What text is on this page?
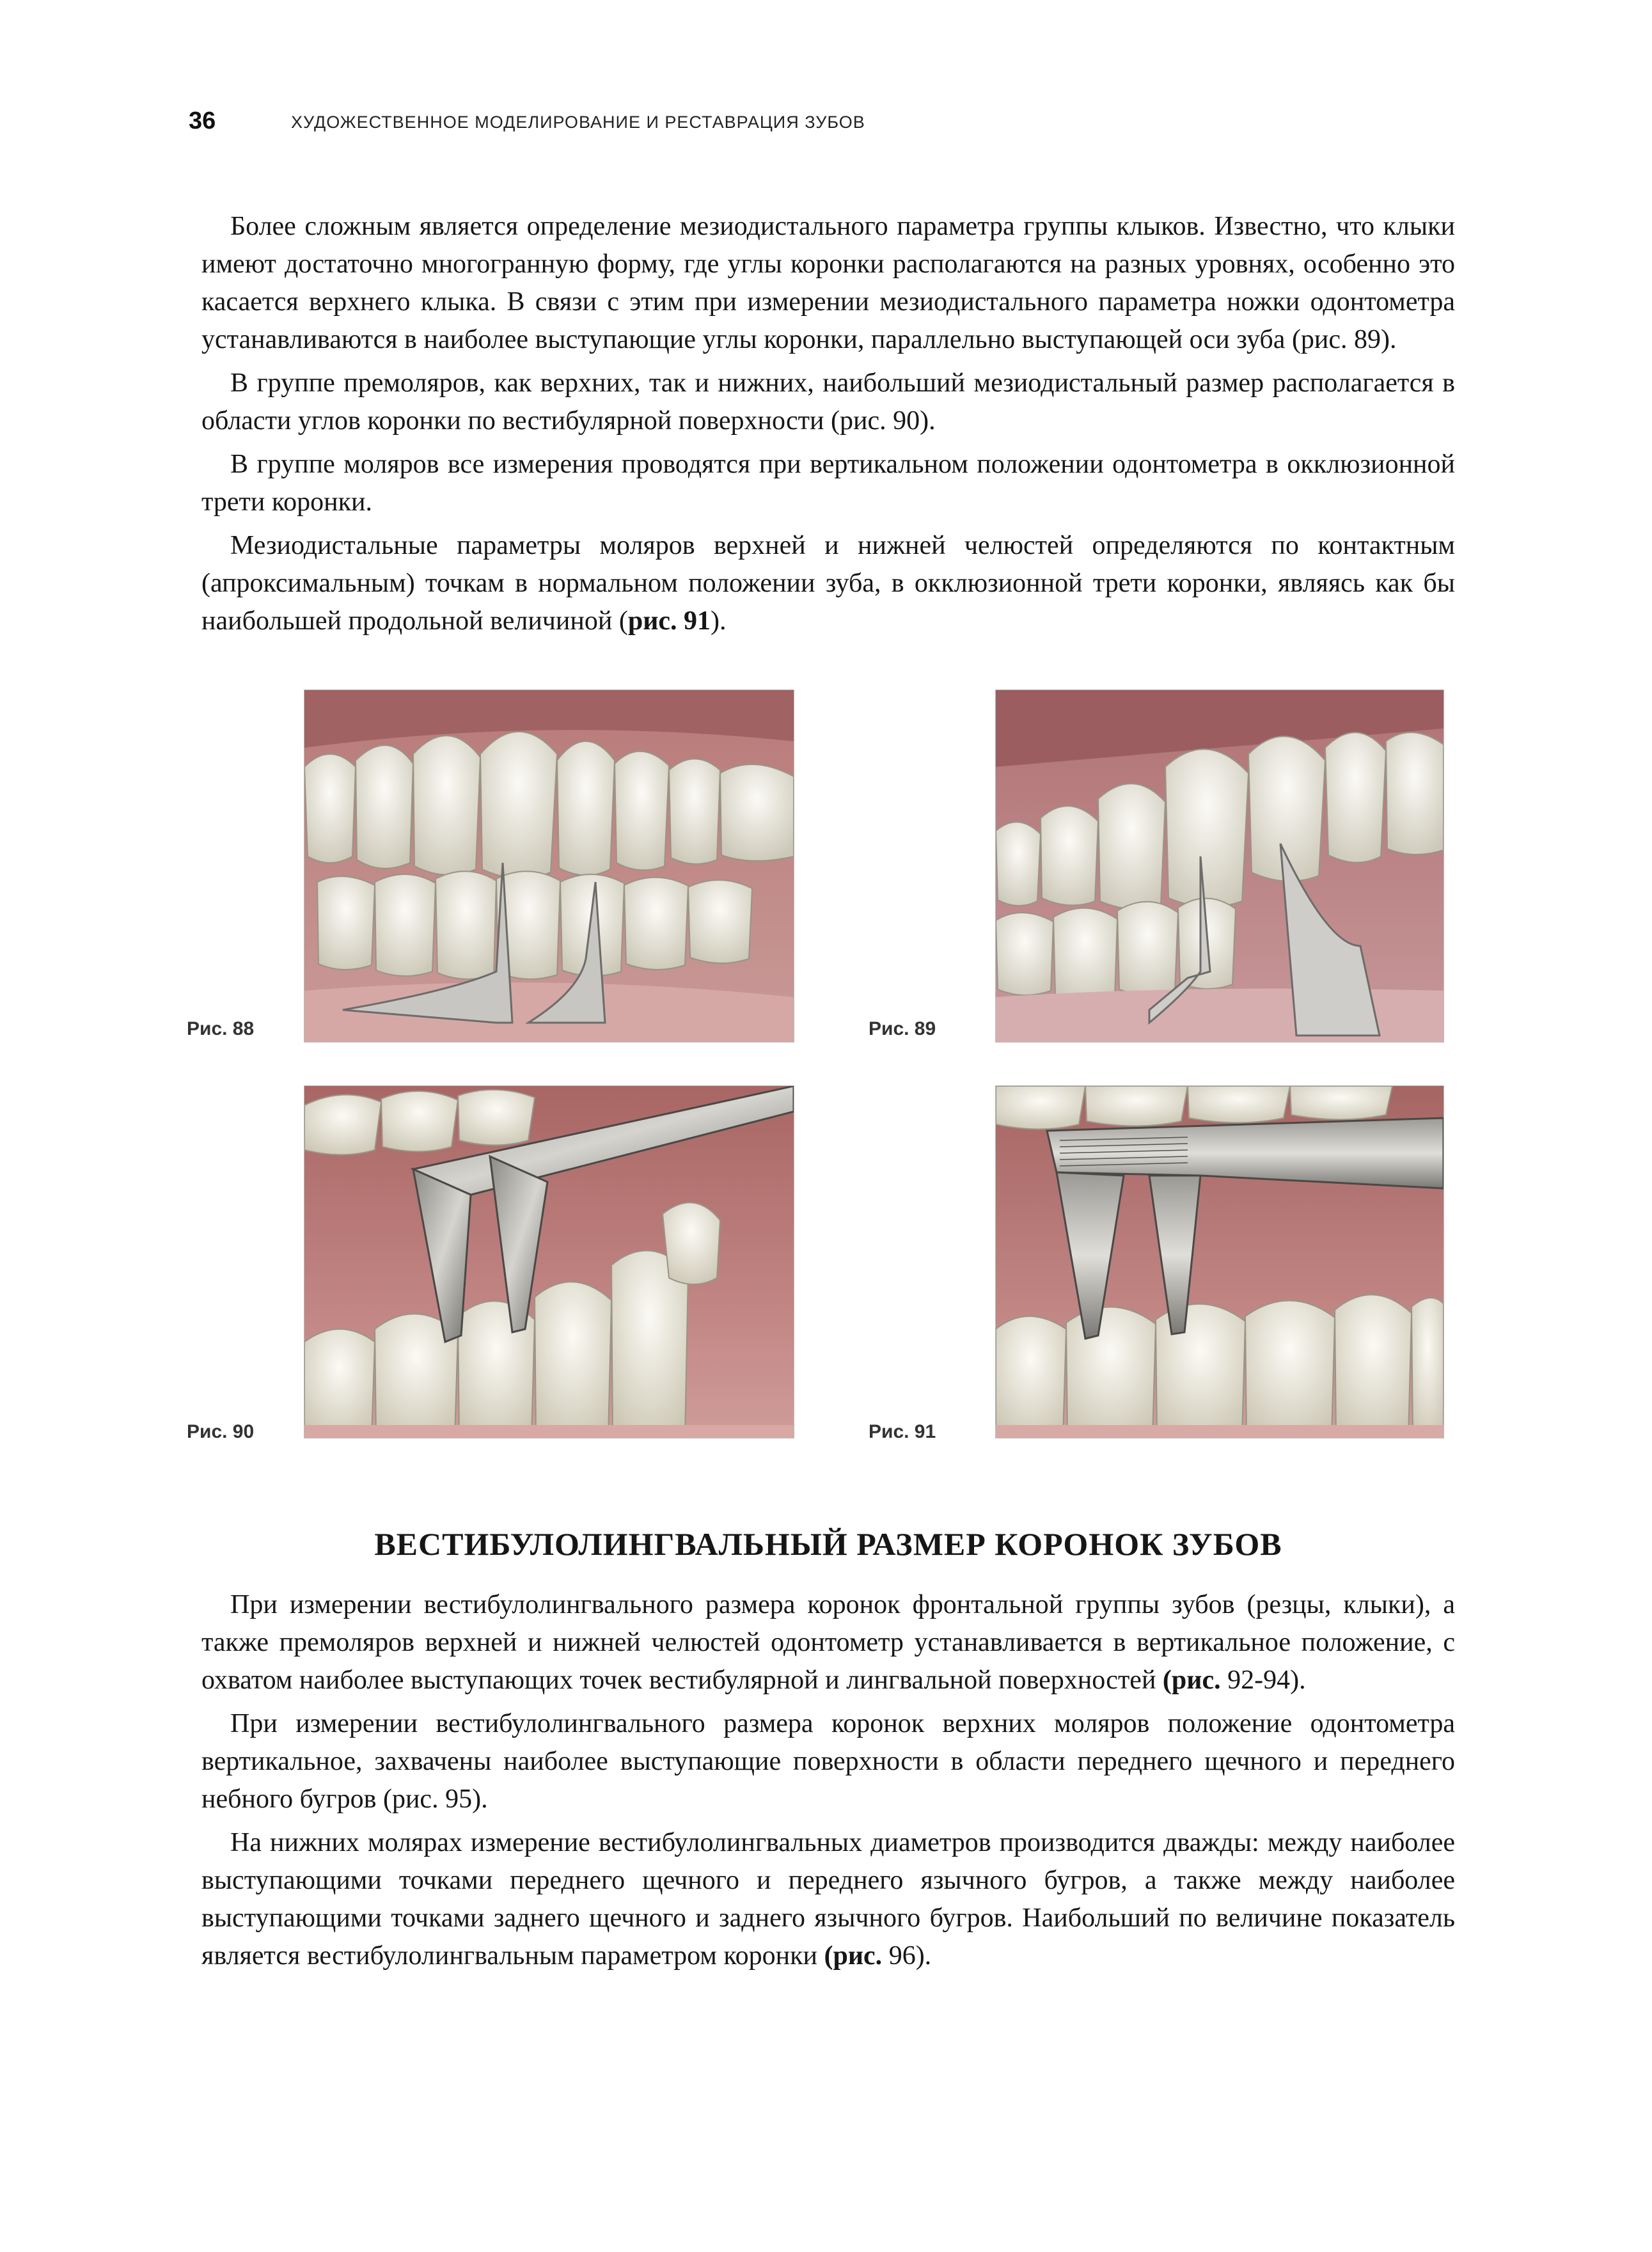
36	ХУДОЖЕСТВЕННОЕ МОДЕЛИРОВАНИЕ И РЕСТАВРАЦИЯ ЗУБОВ

Более сложным является определение мезиодистального параметра группы клыков. Известно, что клыки имеют достаточно многогранную форму, где углы коронки располагаются на разных уровнях, особенно это касается верхнего клыка. В связи с этим при измерении мезиодистального параметра ножки одонтометра устанавливаются в наиболее выступающие углы коронки, параллельно выступающей оси зуба (рис. 89).

В группе премоляров, как верхних, так и нижних, наибольший мезиодистальный размер располагается в области углов коронки по вестибулярной поверхности (рис. 90).

В группе моляров все измерения проводятся при вертикальном положении одонтометра в окклюзионной трети коронки.

Мезиодистальные параметры моляров верхней и нижней челюстей определяются по контактным (апроксимальным) точкам в нормальном положении зуба, в окклюзионной трети коронки, являясь как бы наибольшей продольной величиной (рис. 91).

Рис. 88	Рис. 89
Рис. 90	Рис. 91
ВЕСТИБУЛОЛИНГВАЛЬНЫЙ РАЗМЕР КОРОНОК ЗУБОВ

При измерении вестибулолингвального размера коронок фронтальной группы зубов (резцы, клыки), а также премоляров верхней и нижней челюстей одонтометр устанавливается в вертикальное положение, с охватом наиболее выступающих точек вестибулярной и лингвальной поверхностей (рис. 92-94).

При измерении вестибулолингвального размера коронок верхних моляров положение одонтометра вертикальное, захвачены наиболее выступающие поверхности в области переднего щечного и переднего небного бугров (рис. 95).

На нижних молярах измерение вестибулолингвальных диаметров производится дважды: между наиболее выступающими точками переднего щечного и переднего язычного бугров, а также между наиболее выступающими точками заднего щечного и заднего язычного бугров. Наибольший по величине показатель является вестибулолингвальным параметром коронки (рис. 96).
